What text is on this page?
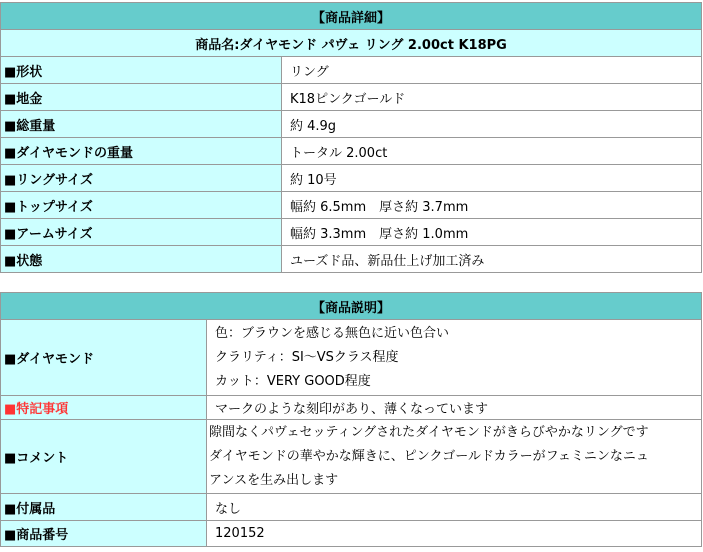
【商品詳細】	
商品名:ダイヤモンド パヴェ リング 2.00ct K18PG	
■形状	リング
■地金	K18ピンクゴールド
■総重量	約 4.9g
■ダイヤモンドの重量	トータル 2.00ct
■リングサイズ	約 10号
■トップサイズ	幅約 6.5mm　厚さ約 3.7mm
■アームサイズ	幅約 3.3mm　厚さ約 1.0mm
■状態	ユーズド品、新品仕上げ加工済み
【商品説明】	
■ダイヤモンド	色：ブラウンを感じる無色に近い色合い
クラリティ：SI～VSクラス程度
カット：VERY GOOD程度

■特記事項	マークのような刻印があり、薄くなっています
■コメント	隙間なくパヴェセッティングされたダイヤモンドがきらびやかなリングです
ダイヤモンドの華やかな輝きに、ピンクゴールドカラーがフェミニンなニュ
アンスを生み出します

■付属品	なし
■商品番号	120152
